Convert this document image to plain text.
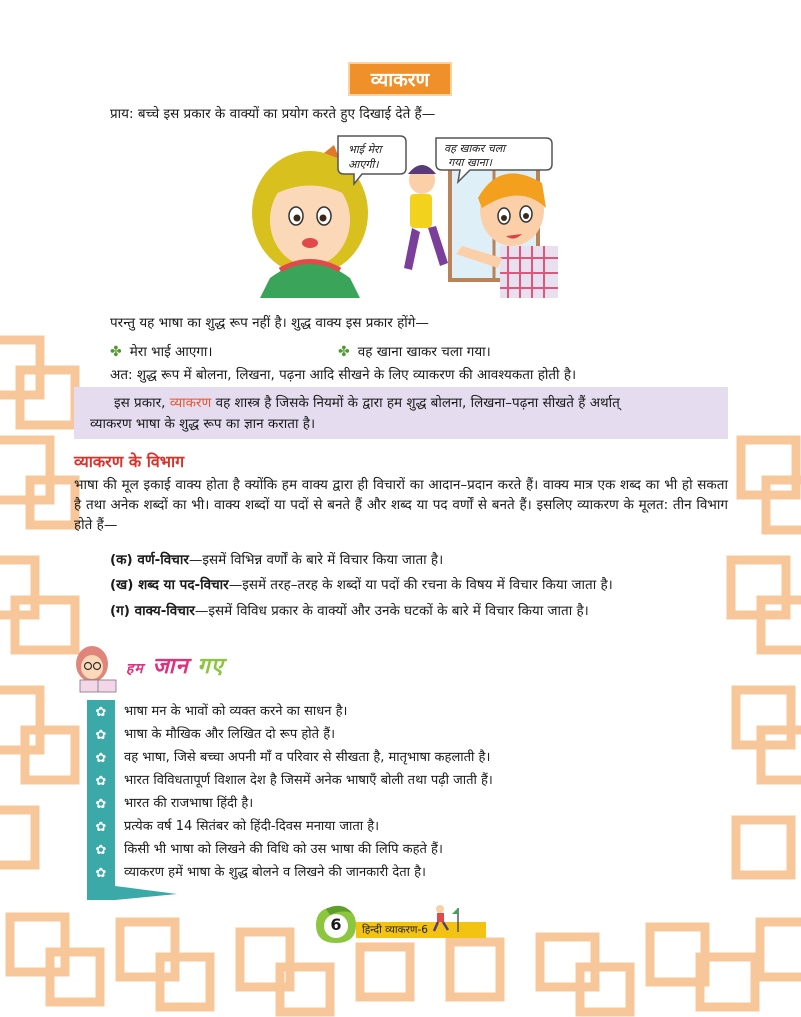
व्याकरण
प्राय: बच्चे इस प्रकार के वाक्यों का प्रयोग करते हुए दिखाई देते हैं—
भाई मेरा
आएगी।
वह खाकर चला
गया खाना।
परन्तु यह भाषा का शुद्ध रूप नहीं है। शुद्ध वाक्य इस प्रकार होंगे—
✤ मेरा भाई आएगा।	✤ वह खाना खाकर चला गया।
अत: शुद्ध रूप में बोलना, लिखना, पढ़ना आदि सीखने के लिए व्याकरण की आवश्यकता होती है।
इस प्रकार, व्याकरण वह शास्त्र है जिसके नियमों के द्वारा हम शुद्ध बोलना, लिखना–पढ़ना सीखते हैं अर्थात्
व्याकरण भाषा के शुद्ध रूप का ज्ञान कराता है।
व्याकरण के विभाग
भाषा की मूल इकाई वाक्य होता है क्योंकि हम वाक्य द्वारा ही विचारों का आदान–प्रदान करते हैं। वाक्य मात्र एक शब्द का भी हो सकता है तथा अनेक शब्दों का भी। वाक्य शब्दों या पदों से बनते हैं और शब्द या पद वर्णों से बनते हैं। इसलिए व्याकरण के मूलत: तीन विभाग होते हैं—
(क) वर्ण-विचार—इसमें विभिन्न वर्णों के बारे में विचार किया जाता है।
(ख) शब्द या पद-विचार—इसमें तरह–तरह के शब्दों या पदों की रचना के विषय में विचार किया जाता है।
(ग) वाक्य-विचार—इसमें विविध प्रकार के वाक्यों और उनके घटकों के बारे में विचार किया जाता है।
हम जान गए
✿ भाषा मन के भावों को व्यक्त करने का साधन है।
✿ भाषा के मौखिक और लिखित दो रूप होते हैं।
✿ वह भाषा, जिसे बच्चा अपनी माँ व परिवार से सीखता है, मातृभाषा कहलाती है।
✿ भारत विविधतापूर्ण विशाल देश है जिसमें अनेक भाषाएँ बोली तथा पढ़ी जाती हैं।
✿ भारत की राजभाषा हिंदी है।
✿ प्रत्येक वर्ष 14 सितंबर को हिंदी-दिवस मनाया जाता है।
✿ किसी भी भाषा को लिखने की विधि को उस भाषा की लिपि कहते हैं।
✿ व्याकरण हमें भाषा के शुद्ध बोलने व लिखने की जानकारी देता है।
6	हिन्दी व्याकरण-6
